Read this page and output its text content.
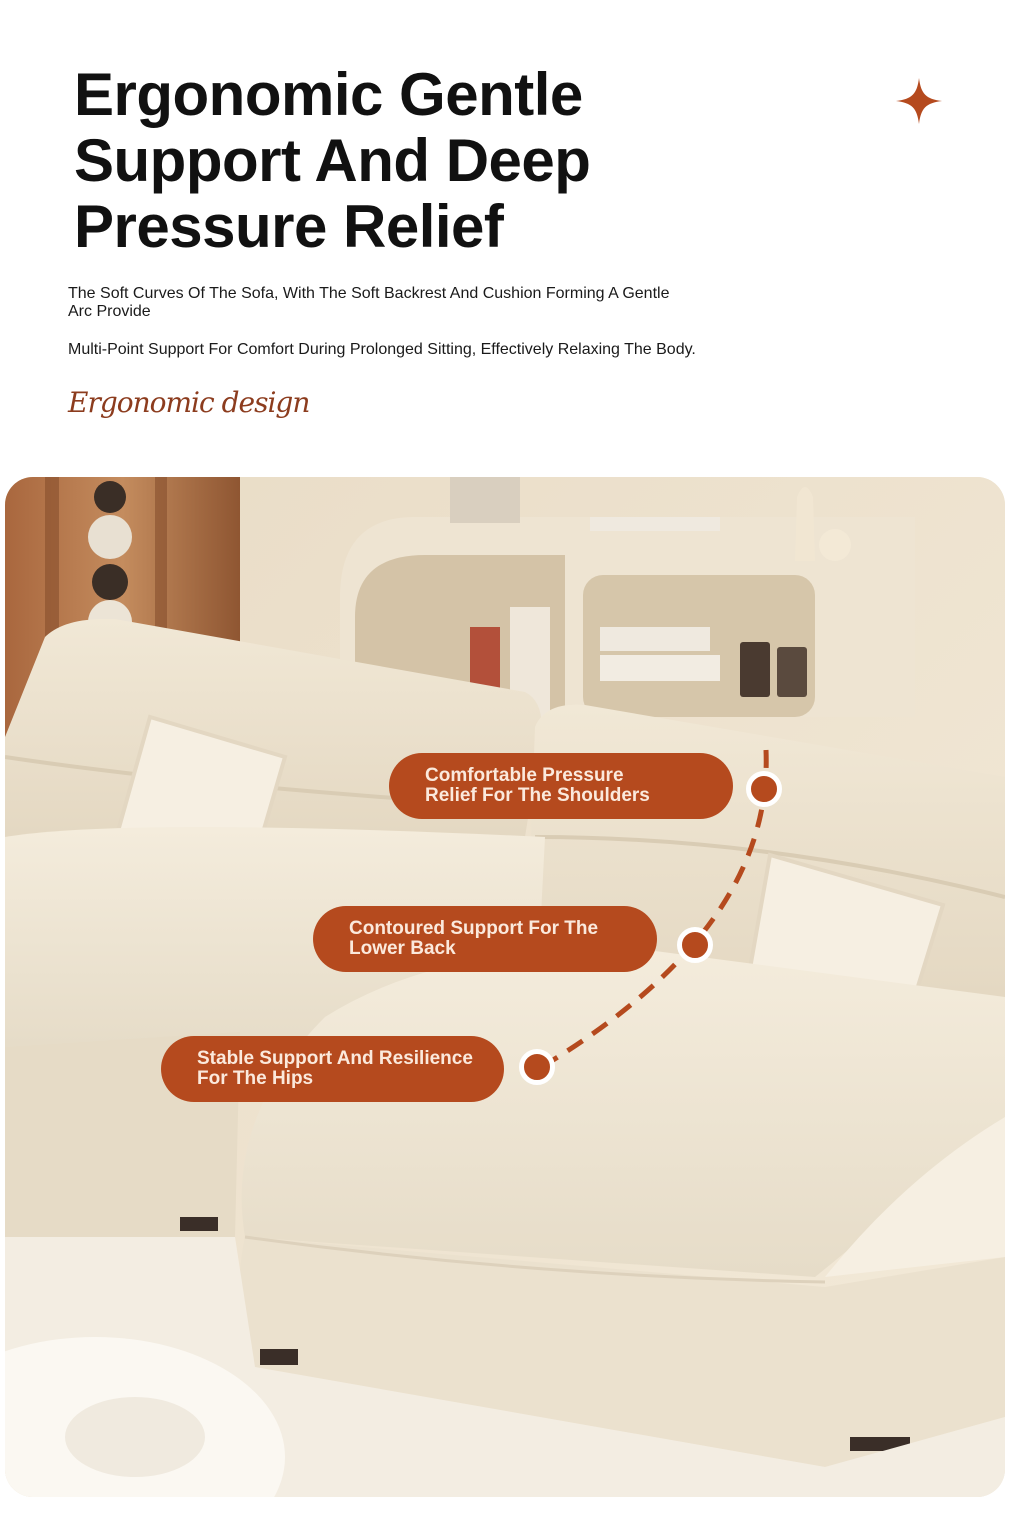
Ergonomic Gentle
Support And Deep
Pressure Relief

The Soft Curves Of The Sofa, With The Soft Backrest And Cushion Forming A Gentle Arc Provide

Multi-Point Support For Comfort During Prolonged Sitting, Effectively Relaxing The Body.

Ergonomic design

Comfortable Pressure
Relief For The Shoulders
Contoured Support For The
Lower Back
Stable Support And Resilience
For The Hips
